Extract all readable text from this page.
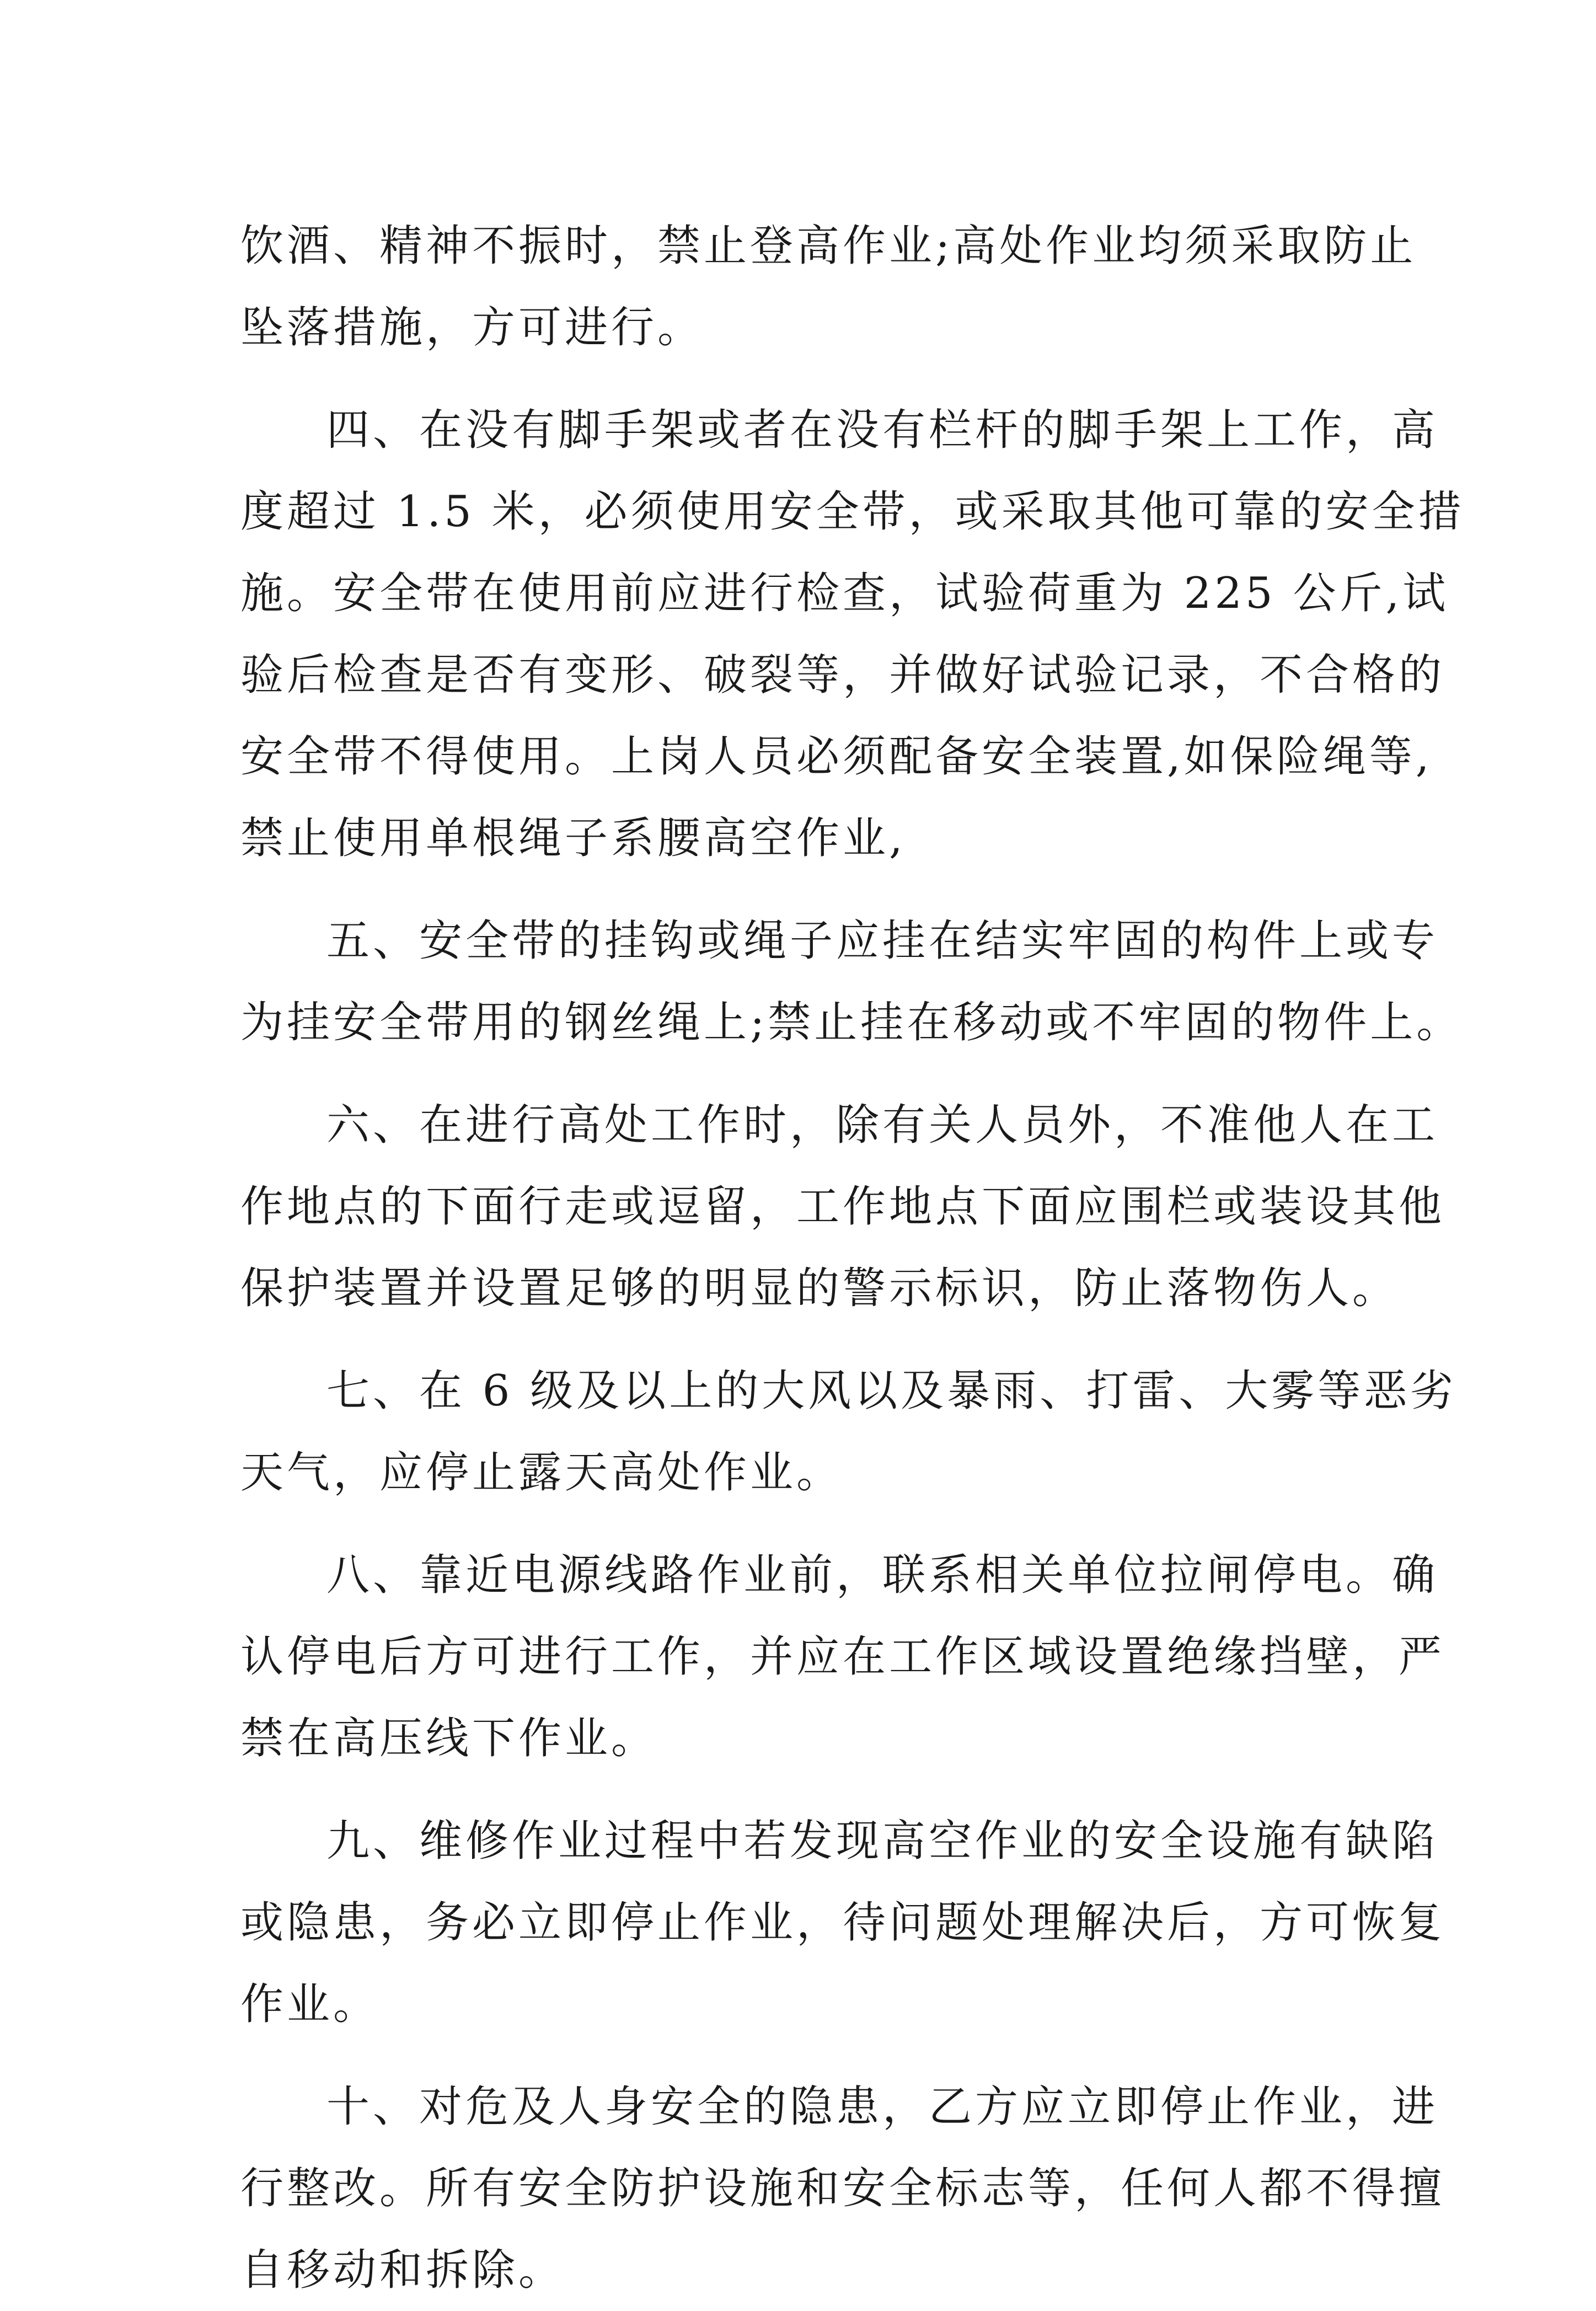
饮酒、精神不振时，禁止登高作业;高处作业均须采取防止
坠落措施，方可进行。
四、在没有脚手架或者在没有栏杆的脚手架上工作，高
度超过 1.5 米，必须使用安全带，或采取其他可靠的安全措
施。安全带在使用前应进行检查，试验荷重为 225 公斤,试
验后检查是否有变形、破裂等，并做好试验记录，不合格的
安全带不得使用。上岗人员必须配备安全装置,如保险绳等,
禁止使用单根绳子系腰高空作业,
五、安全带的挂钩或绳子应挂在结实牢固的构件上或专
为挂安全带用的钢丝绳上;禁止挂在移动或不牢固的物件上。
六、在进行高处工作时，除有关人员外，不准他人在工
作地点的下面行走或逗留，工作地点下面应围栏或装设其他
保护装置并设置足够的明显的警示标识，防止落物伤人。
七、在 6 级及以上的大风以及暴雨、打雷、大雾等恶劣
天气，应停止露天高处作业。
八、靠近电源线路作业前，联系相关单位拉闸停电。确
认停电后方可进行工作，并应在工作区域设置绝缘挡壁，严
禁在高压线下作业。
九、维修作业过程中若发现高空作业的安全设施有缺陷
或隐患，务必立即停止作业，待问题处理解决后，方可恢复
作业。
十、对危及人身安全的隐患，乙方应立即停止作业，进
行整改。所有安全防护设施和安全标志等，任何人都不得擅
自移动和拆除。
